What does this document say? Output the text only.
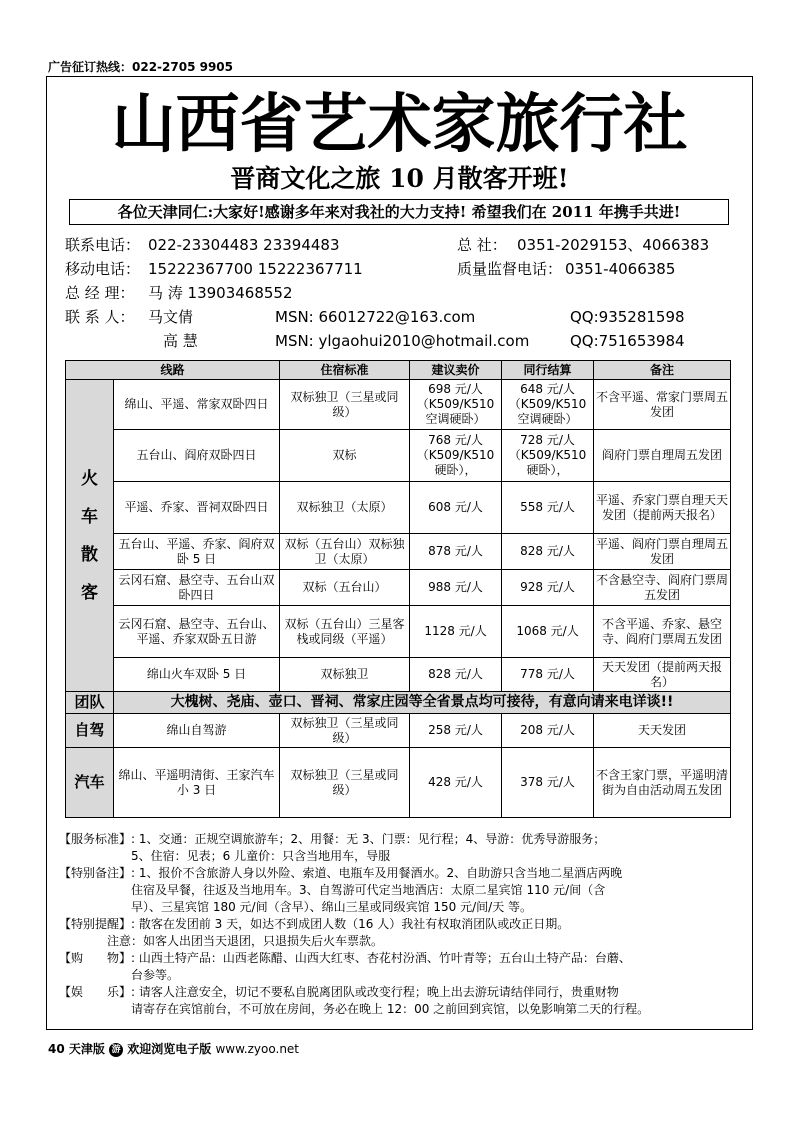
广告征订热线：022-2705 9905
山西省艺术家旅行社
晋商文化之旅 10 月散客开班!
各位天津同仁:大家好!感谢多年来对我社的大力支持! 希望我们在 2011 年携手共进!
联系电话： 022-23304483 23394483	总 社： 0351-2029153、4066383
移动电话： 15222367700 15222367711	质量监督电话： 0351-4066385
总 经 理： 马 涛 13903468552
联 系 人： 马文倩	MSN: 66012722@163.com	QQ:935281598
高 慧	MSN: ylgaohui2010@hotmail.com	QQ:751653984
线路		住宿标准	建议卖价	同行结算	备注

火
车
散
客	绵山、平遥、常家双卧四日	双标独卫（三星或同级）	698 元/人（K509/K510 空调硬卧）	648 元/人（K509/K510 空调硬卧）	不含平遥、常家门票周五发团
	五台山、阎府双卧四日	双标	768 元/人（K509/K510 硬卧），	728 元/人（K509/K510 硬卧），	阎府门票自理周五发团
	平遥、乔家、晋祠双卧四日	双标独卫（太原）	608 元/人	558 元/人	平遥、乔家门票自理天天发团（提前两天报名）
	五台山、平遥、乔家、阎府双卧 5 日	双标（五台山）双标独卫（太原）	878 元/人	828 元/人	平遥、阎府门票自理周五发团
	云冈石窟、悬空寺、五台山双卧四日	双标（五台山）	988 元/人	928 元/人	不含悬空寺、阎府门票周五发团
	云冈石窟、悬空寺、五台山、平遥、乔家双卧五日游	双标（五台山）三星客栈或同级（平遥）	1128 元/人	1068 元/人	不含平遥、乔家、悬空寺、阎府门票周五发团
	绵山火车双卧 5 日	双标独卫	828 元/人	778 元/人	天天发团（提前两天报名）
团队	大槐树、尧庙、壶口、晋祠、常家庄园等全省景点均可接待，有意向请来电详谈!!				
自驾	绵山自驾游	双标独卫（三星或同级）	258 元/人	208 元/人	天天发团
汽车	绵山、平遥明清街、王家汽车小 3 日	双标独卫（三星或同级）	428 元/人	378 元/人	不含王家门票，平遥明清街为自由活动周五发团
【服务标准】: 1、交通：正规空调旅游车；2、用餐：无 3、门票：见行程；4、导游：优秀导游服务；
　　　　　　5、住宿：见表；6 儿童价：只含当地用车，导服
【特别备注】: 1、报价不含旅游人身以外险、索道、电瓶车及用餐酒水。2、自助游只含当地二星酒店两晚
　　　　　　住宿及早餐，往返及当地用车。3、自驾游可代定当地酒店：太原二星宾馆 110 元/间（含
　　　　　　早）、三星宾馆 180 元/间（含早）、绵山三星或同级宾馆 150 元/间/天 等。
【特别提醒】: 散客在发团前 3 天，如达不到成团人数（16 人）我社有权取消团队或改正日期。
　　　　注意：如客人出团当天退团，只退损失后火车票款。
【购　　物】: 山西土特产品：山西老陈醋、山西大红枣、杏花村汾酒、竹叶青等；五台山土特产品：台蘑、
　　　　　　台参等。
【娱　　乐】: 请客人注意安全，切记不要私自脱离团队或改变行程；晚上出去游玩请结伴同行，贵重财物
　　　　　　请寄存在宾馆前台，不可放在房间，务必在晚上 12：00 之前回到宾馆，以免影响第二天的行程。
40 天津版 游 欢迎浏览电子版 www.zyoo.net
